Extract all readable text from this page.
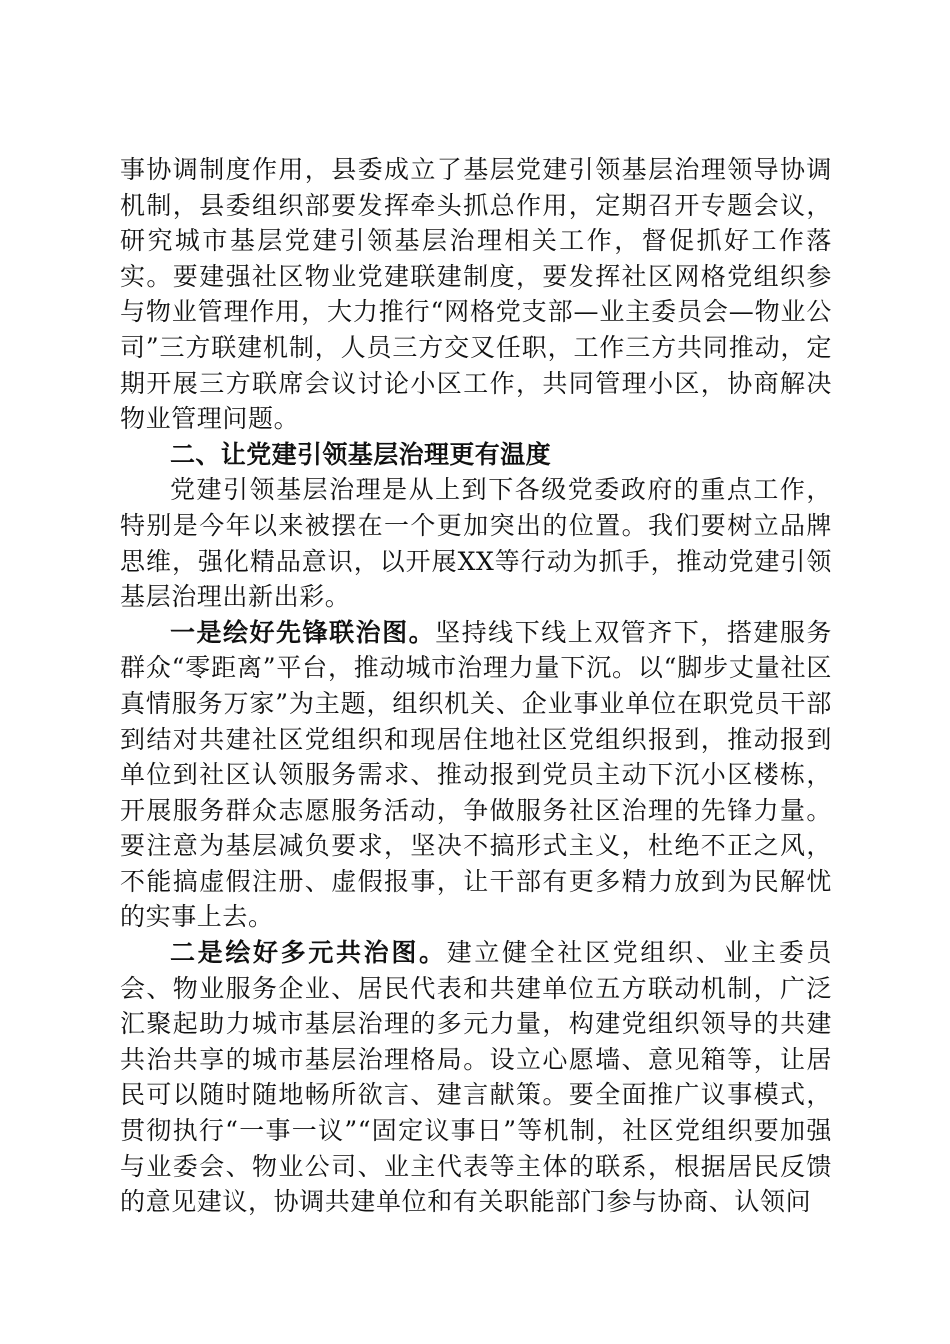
事协调制度作用，县委成立了基层党建引领基层治理领导协调机制，县委组织部要发挥牵头抓总作用，定期召开专题会议，研究城市基层党建引领基层治理相关工作，督促抓好工作落实。要建强社区物业党建联建制度，要发挥社区网格党组织参与物业管理作用，大力推行“网格党支部—业主委员会—物业公司”三方联建机制，人员三方交叉任职，工作三方共同推动，定期开展三方联席会议讨论小区工作，共同管理小区，协商解决物业管理问题。

二、让党建引领基层治理更有温度

党建引领基层治理是从上到下各级党委政府的重点工作，特别是今年以来被摆在一个更加突出的位置。我们要树立品牌思维，强化精品意识，以开展XX等行动为抓手，推动党建引领基层治理出新出彩。

一是绘好先锋联治图。坚持线下线上双管齐下，搭建服务群众“零距离”平台，推动城市治理力量下沉。以“脚步丈量社区真情服务万家”为主题，组织机关、企业事业单位在职党员干部到结对共建社区党组织和现居住地社区党组织报到，推动报到单位到社区认领服务需求、推动报到党员主动下沉小区楼栋，开展服务群众志愿服务活动，争做服务社区治理的先锋力量。要注意为基层减负要求，坚决不搞形式主义，杜绝不正之风，不能搞虚假注册、虚假报事，让干部有更多精力放到为民解忧的实事上去。

二是绘好多元共治图。建立健全社区党组织、业主委员会、物业服务企业、居民代表和共建单位五方联动机制，广泛汇聚起助力城市基层治理的多元力量，构建党组织领导的共建共治共享的城市基层治理格局。设立心愿墙、意见箱等，让居民可以随时随地畅所欲言、建言献策。要全面推广议事模式，贯彻执行“一事一议”“固定议事日”等机制，社区党组织要加强与业委会、物业公司、业主代表等主体的联系，根据居民反馈的意见建议，协调共建单位和有关职能部门参与协商、认领问
